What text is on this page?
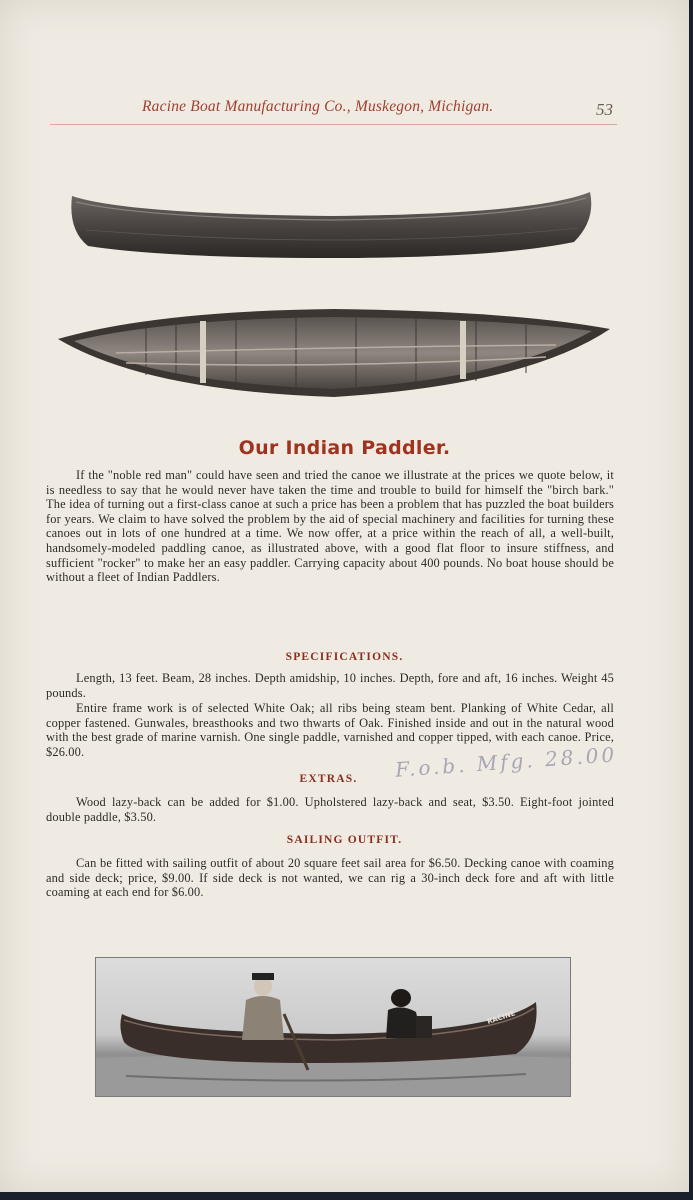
Racine Boat Manufacturing Co., Muskegon, Michigan.	53
Our Indian Paddler.

If the "noble red man" could have seen and tried the canoe we illustrate at the prices we quote below, it is needless to say that he would never have taken the time and trouble to build for himself the "birch bark." The idea of turning out a first-class canoe at such a price has been a problem that has puzzled the boat builders for years. We claim to have solved the problem by the aid of special machinery and facilities for turning these canoes out in lots of one hundred at a time. We now offer, at a price within the reach of all, a well-built, handsomely-modeled paddling canoe, as illustrated above, with a good flat floor to insure stiffness, and sufficient "rocker" to make her an easy paddler. Carrying capacity about 400 pounds. No boat house should be without a fleet of Indian Paddlers.

SPECIFICATIONS.

Length, 13 feet. Beam, 28 inches. Depth amidship, 10 inches. Depth, fore and aft, 16 inches. Weight 45 pounds.

Entire frame work is of selected White Oak; all ribs being steam bent. Planking of White Cedar, all copper fastened. Gunwales, breasthooks and two thwarts of Oak. Finished inside and out in the natural wood with the best grade of marine varnish. One single paddle, varnished and copper tipped, with each canoe. Price, $26.00.

EXTRAS.	F.o.b. Mfg. 28.00

Wood lazy-back can be added for $1.00. Upholstered lazy-back and seat, $3.50. Eight-foot jointed double paddle, $3.50.

SAILING OUTFIT.

Can be fitted with sailing outfit of about 20 square feet sail area for $6.50. Decking canoe with coaming and side deck; price, $9.00. If side deck is not wanted, we can rig a 30-inch deck fore and aft with little coaming at each end for $6.00.

RACINE
